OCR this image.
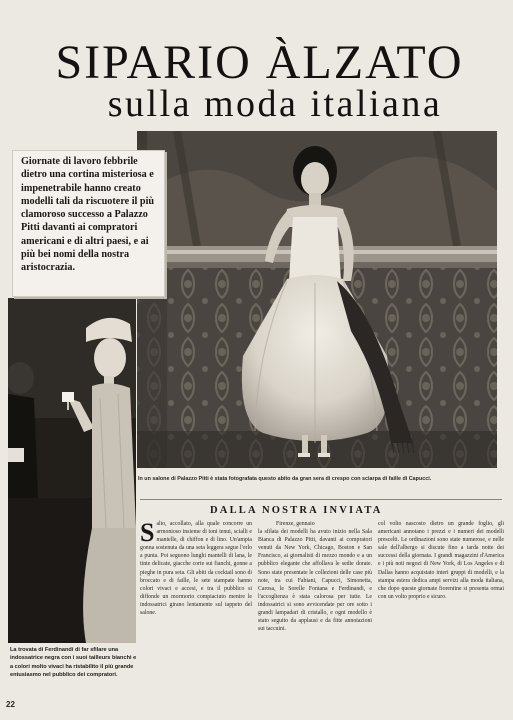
SIPARIO ÀLZATO
sulla moda italiana

Giornate di lavoro febbrile dietro una cortina misteriosa e impenetrabile hanno creato modelli tali da riscuotere il più clamoroso successo a Palazzo Pitti davanti ai compratori americani e di altri paesi, e ai più bei nomi della nostra aristocrazia.

In un salone di Palazzo Pitti è stata fotografata questo abito da gran sera di crespo con sciarpa di faille di Capucci.
DALLA NOSTRA INVIATA
La trovata di Ferdinandi di far sfilare una indossatrice negra con i suoi tailleurs bianchi e a colori molto vivaci ha ristabilito il più grande entusiasmo nel pubblico dei compratori.
S alto, accollato, alla quale concorre un armonioso insieme di toni tenui, scialli e mantelle, di chiffon e di lino. Un'ampia gonna sostenuta da una seta leggera segue l'orlo a punta. Poi seguono lunghi mantelli di lana, le tinte delicate, giacche corte sui fianchi, gonne a pieghe in pura seta. Gli abiti da cocktail sono di broccato e di faille, le sete stampate hanno colori vivaci e accesi, e tra il pubblico si diffonde un mormorio compiaciuto mentre le indossatrici girano lentamente sul tappeto del salone.

Firenze, gennaio

la sfilata dei modelli ha avuto inizio nella Sala Bianca di Palazzo Pitti, davanti ai compratori venuti da New York, Chicago, Boston e San Francisco, ai giornalisti di mezzo mondo e a un pubblico elegante che affollava le sedie dorate. Sono state presentate le collezioni delle case più note, tra cui Fabiani, Capucci, Simonetta, Carosa, le Sorelle Fontana e Ferdinandi, e l'accoglienza è stata calorosa per tutte. Le indossatrici si sono avvicendate per ore sotto i grandi lampadari di cristallo, e ogni modello è stato seguito da applausi e da fitte annotazioni sui taccuini.

col volto nascosto dietro un grande foglio, gli americani annotano i prezzi e i numeri dei modelli prescelti. Le ordinazioni sono state numerose, e nelle sale dell'albergo si discute fino a tarda notte dei successi della giornata. I grandi magazzini d'America e i più noti negozi di New York, di Los Angeles e di Dallas hanno acquistato interi gruppi di modelli, e la stampa estera dedica ampi servizi alla moda italiana, che dopo queste giornate fiorentine si presenta ormai con un volto proprio e sicuro.

22
